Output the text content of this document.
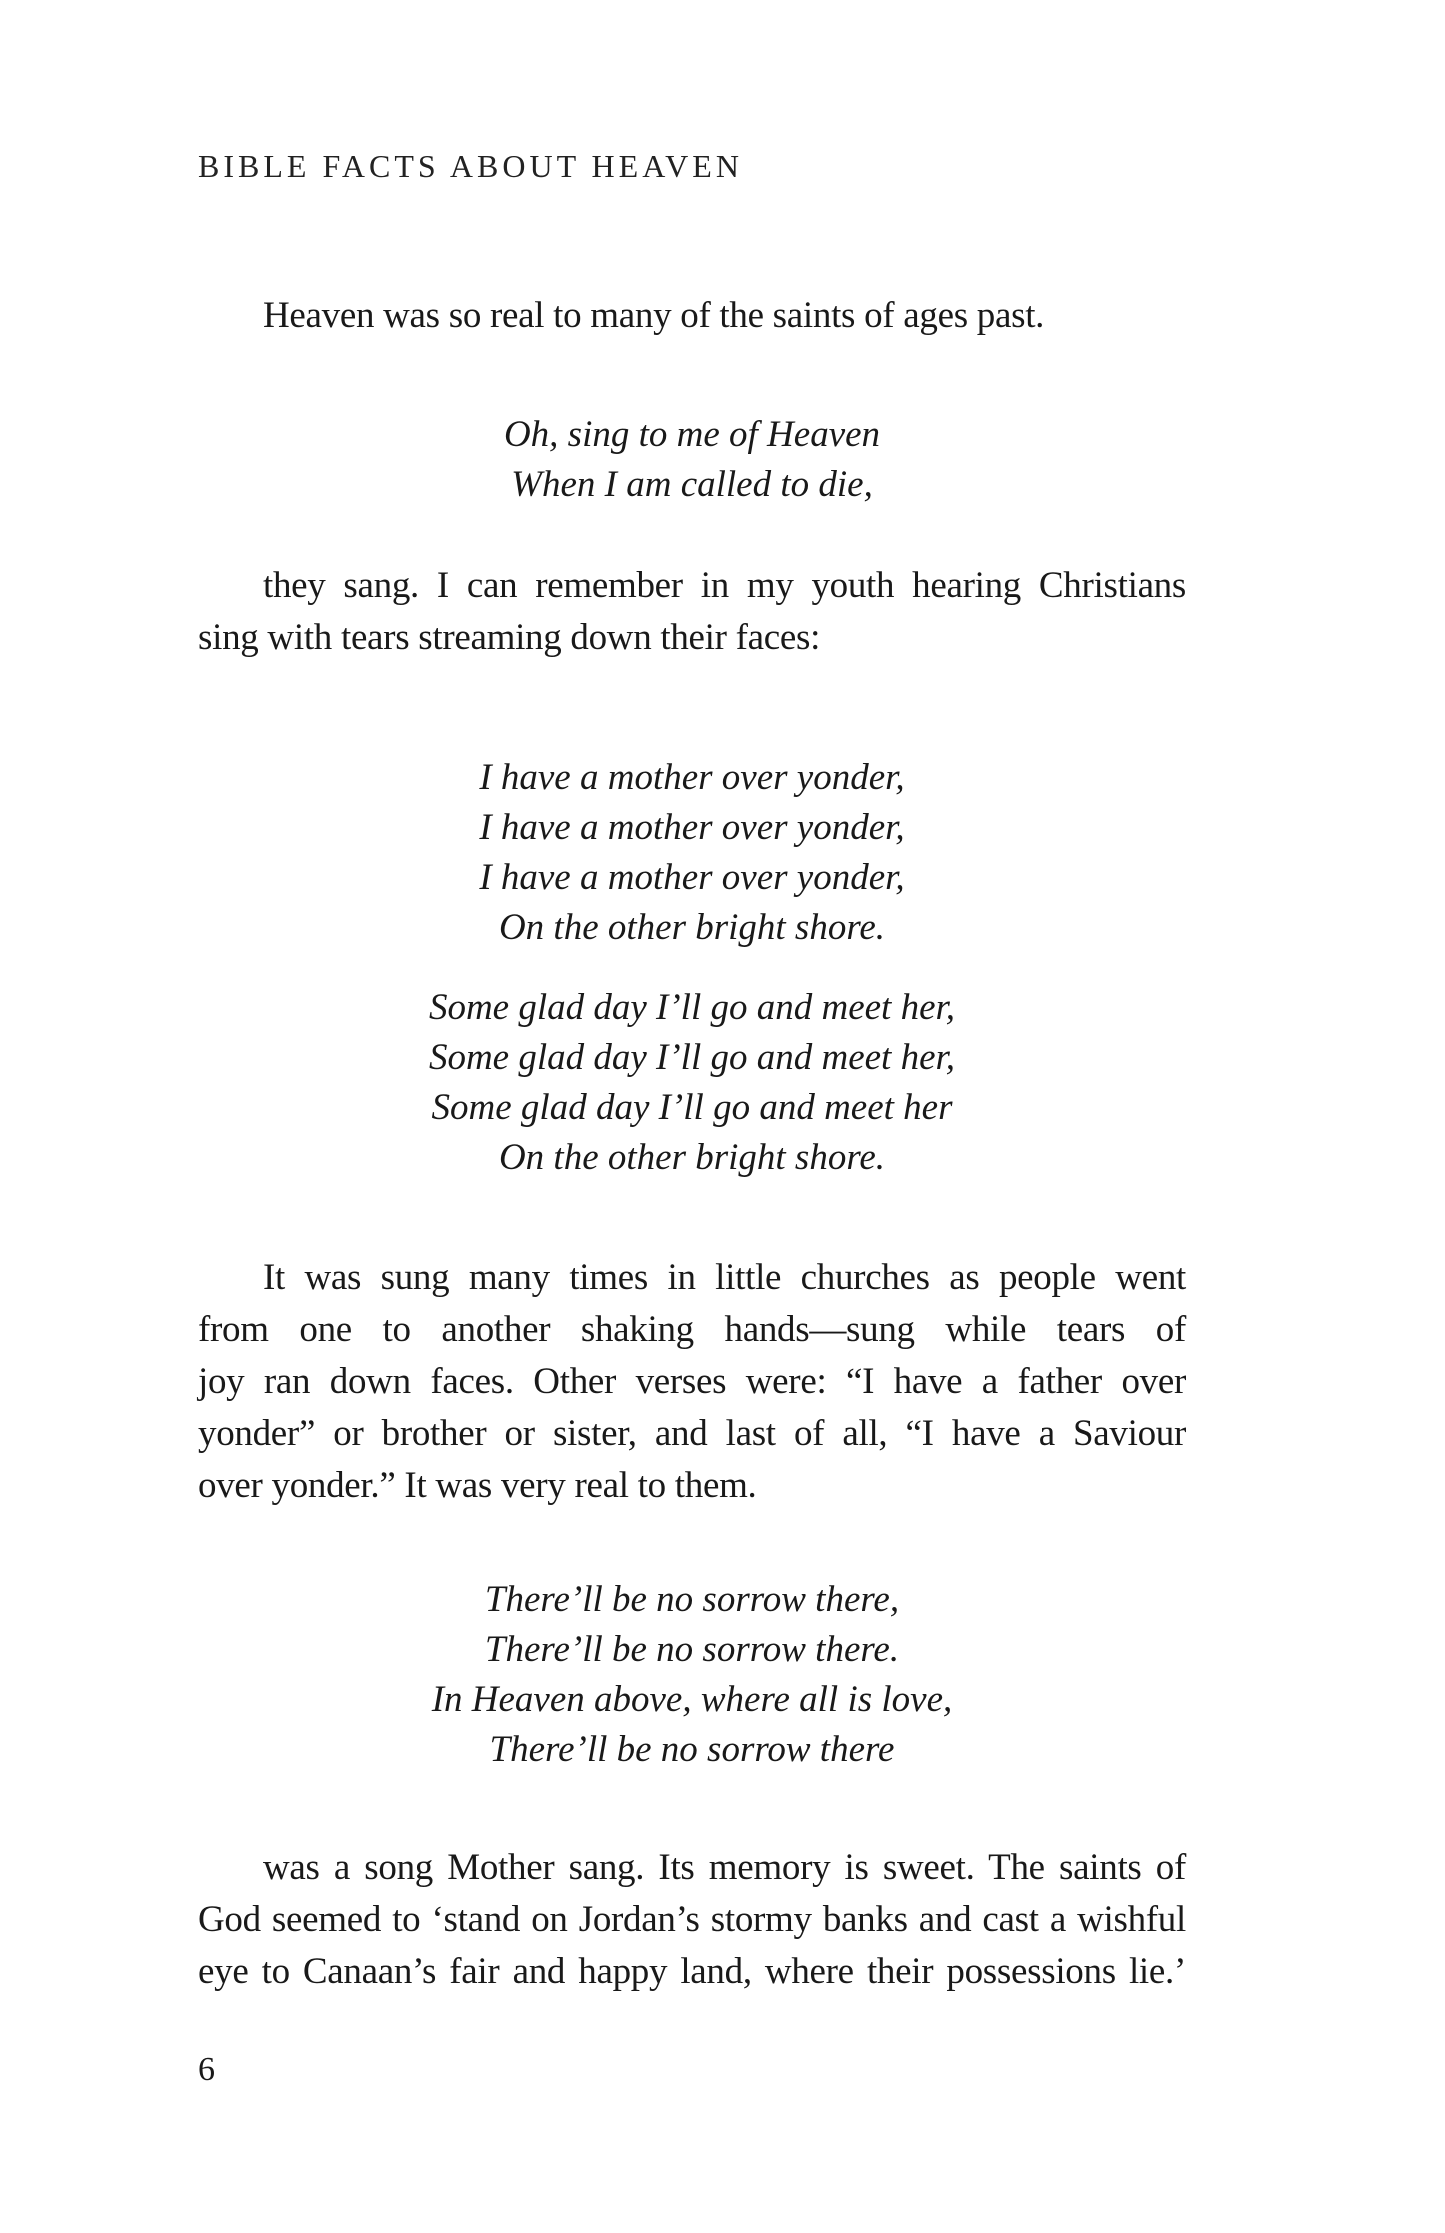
BIBLE FACTS ABOUT HEAVEN
Heaven was so real to many of the saints of ages past.
Oh, sing to me of Heaven
When I am called to die,
they sang. I can remember in my youth hearing Christians
sing with tears streaming down their faces:
I have a mother over yonder,
I have a mother over yonder,
I have a mother over yonder,
On the other bright shore.
Some glad day I’ll go and meet her,
Some glad day I’ll go and meet her,
Some glad day I’ll go and meet her
On the other bright shore.
It was sung many times in little churches as people went
from one to another shaking hands—sung while tears of
joy ran down faces. Other verses were: “I have a father over
yonder” or brother or sister, and last of all, “I have a Saviour
over yonder.” It was very real to them.
There’ll be no sorrow there,
There’ll be no sorrow there.
In Heaven above, where all is love,
There’ll be no sorrow there
was a song Mother sang. Its memory is sweet. The saints of
God seemed to ‘stand on Jordan’s stormy banks and cast a wishful
eye to Canaan’s fair and happy land, where their possessions lie.’
6
